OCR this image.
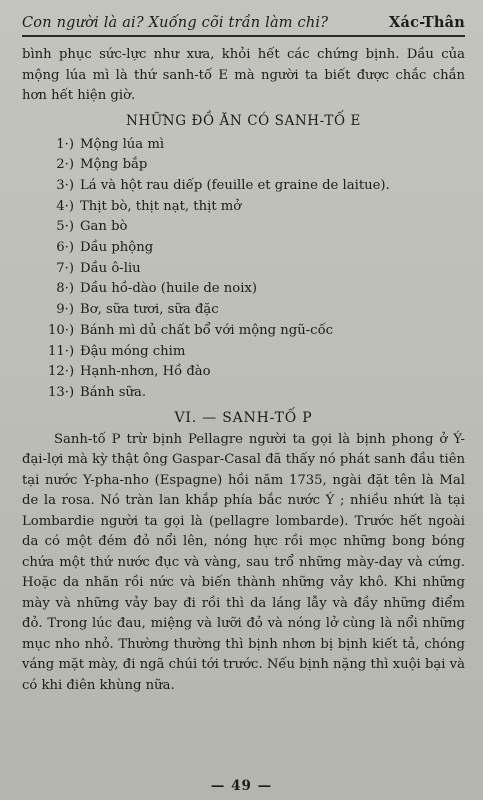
Con người là ai? Xuống cõi trần làm chi?	Xác-Thân

bình phục sức-lực như xưa, khỏi hết các chứng bịnh. Dầu của mộng lúa mì là thứ sanh-tố E mà người ta biết được chắc chắn hơn hết hiện giờ.

NHỮNG ĐỒ ĂN CÓ SANH-TỐ E
1·) Mộng lúa mì
2·) Mộng bắp
3·) Lá và hột rau diếp (feuille et graine de laitue).
4·) Thịt bò, thịt nạt, thịt mở
5·) Gan bò
6·) Dầu phộng
7·) Dầu ô-liu
8·) Dầu hồ-dào (huile de noix)
9·) Bơ, sữa tươi, sữa đặc
10·) Bánh mì dủ chất bổ với mộng ngũ-cốc
11·) Đậu móng chim
12·) Hạnh-nhơn, Hồ đào
13·) Bánh sữa.
VI. — SANH-TỐ P

Sanh-tố P trừ bịnh Pellagre người ta gọi là bịnh phong ở Ý-đại-lợi mà kỳ thật ông Gaspar-Casal đã thấy nó phát sanh đầu tiên tại nước Y-pha-nho (Espagne) hồi năm 1735, ngài đặt tên là Mal de la rosa. Nó tràn lan khắp phía bắc nước Ý ; nhiều nhứt là tại Lombardie người ta gọi là (pellagre lombarde). Trước hết ngoài da có một đém đỏ nổi lên, nóng hực rồi mọc những bong bóng chứa một thứ nước đục và vàng, sau trổ những mày-day và cứng. Hoặc da nhăn rồi nức và biến thành những vảy khô. Khi những mày và những vảy bay đi rồi thì da láng lẫy và đầy những điểm đỏ. Trong lúc đau, miệng và lưỡi đỏ và nóng lở cùng là nổi những mục nho nhỏ. Thường thường thì bịnh nhơn bị bịnh kiết tả, chóng váng mặt mày, đi ngã chúi tới trước. Nếu bịnh nặng thì xuội bại và có khi điên khùng nữa.

— 49 —
